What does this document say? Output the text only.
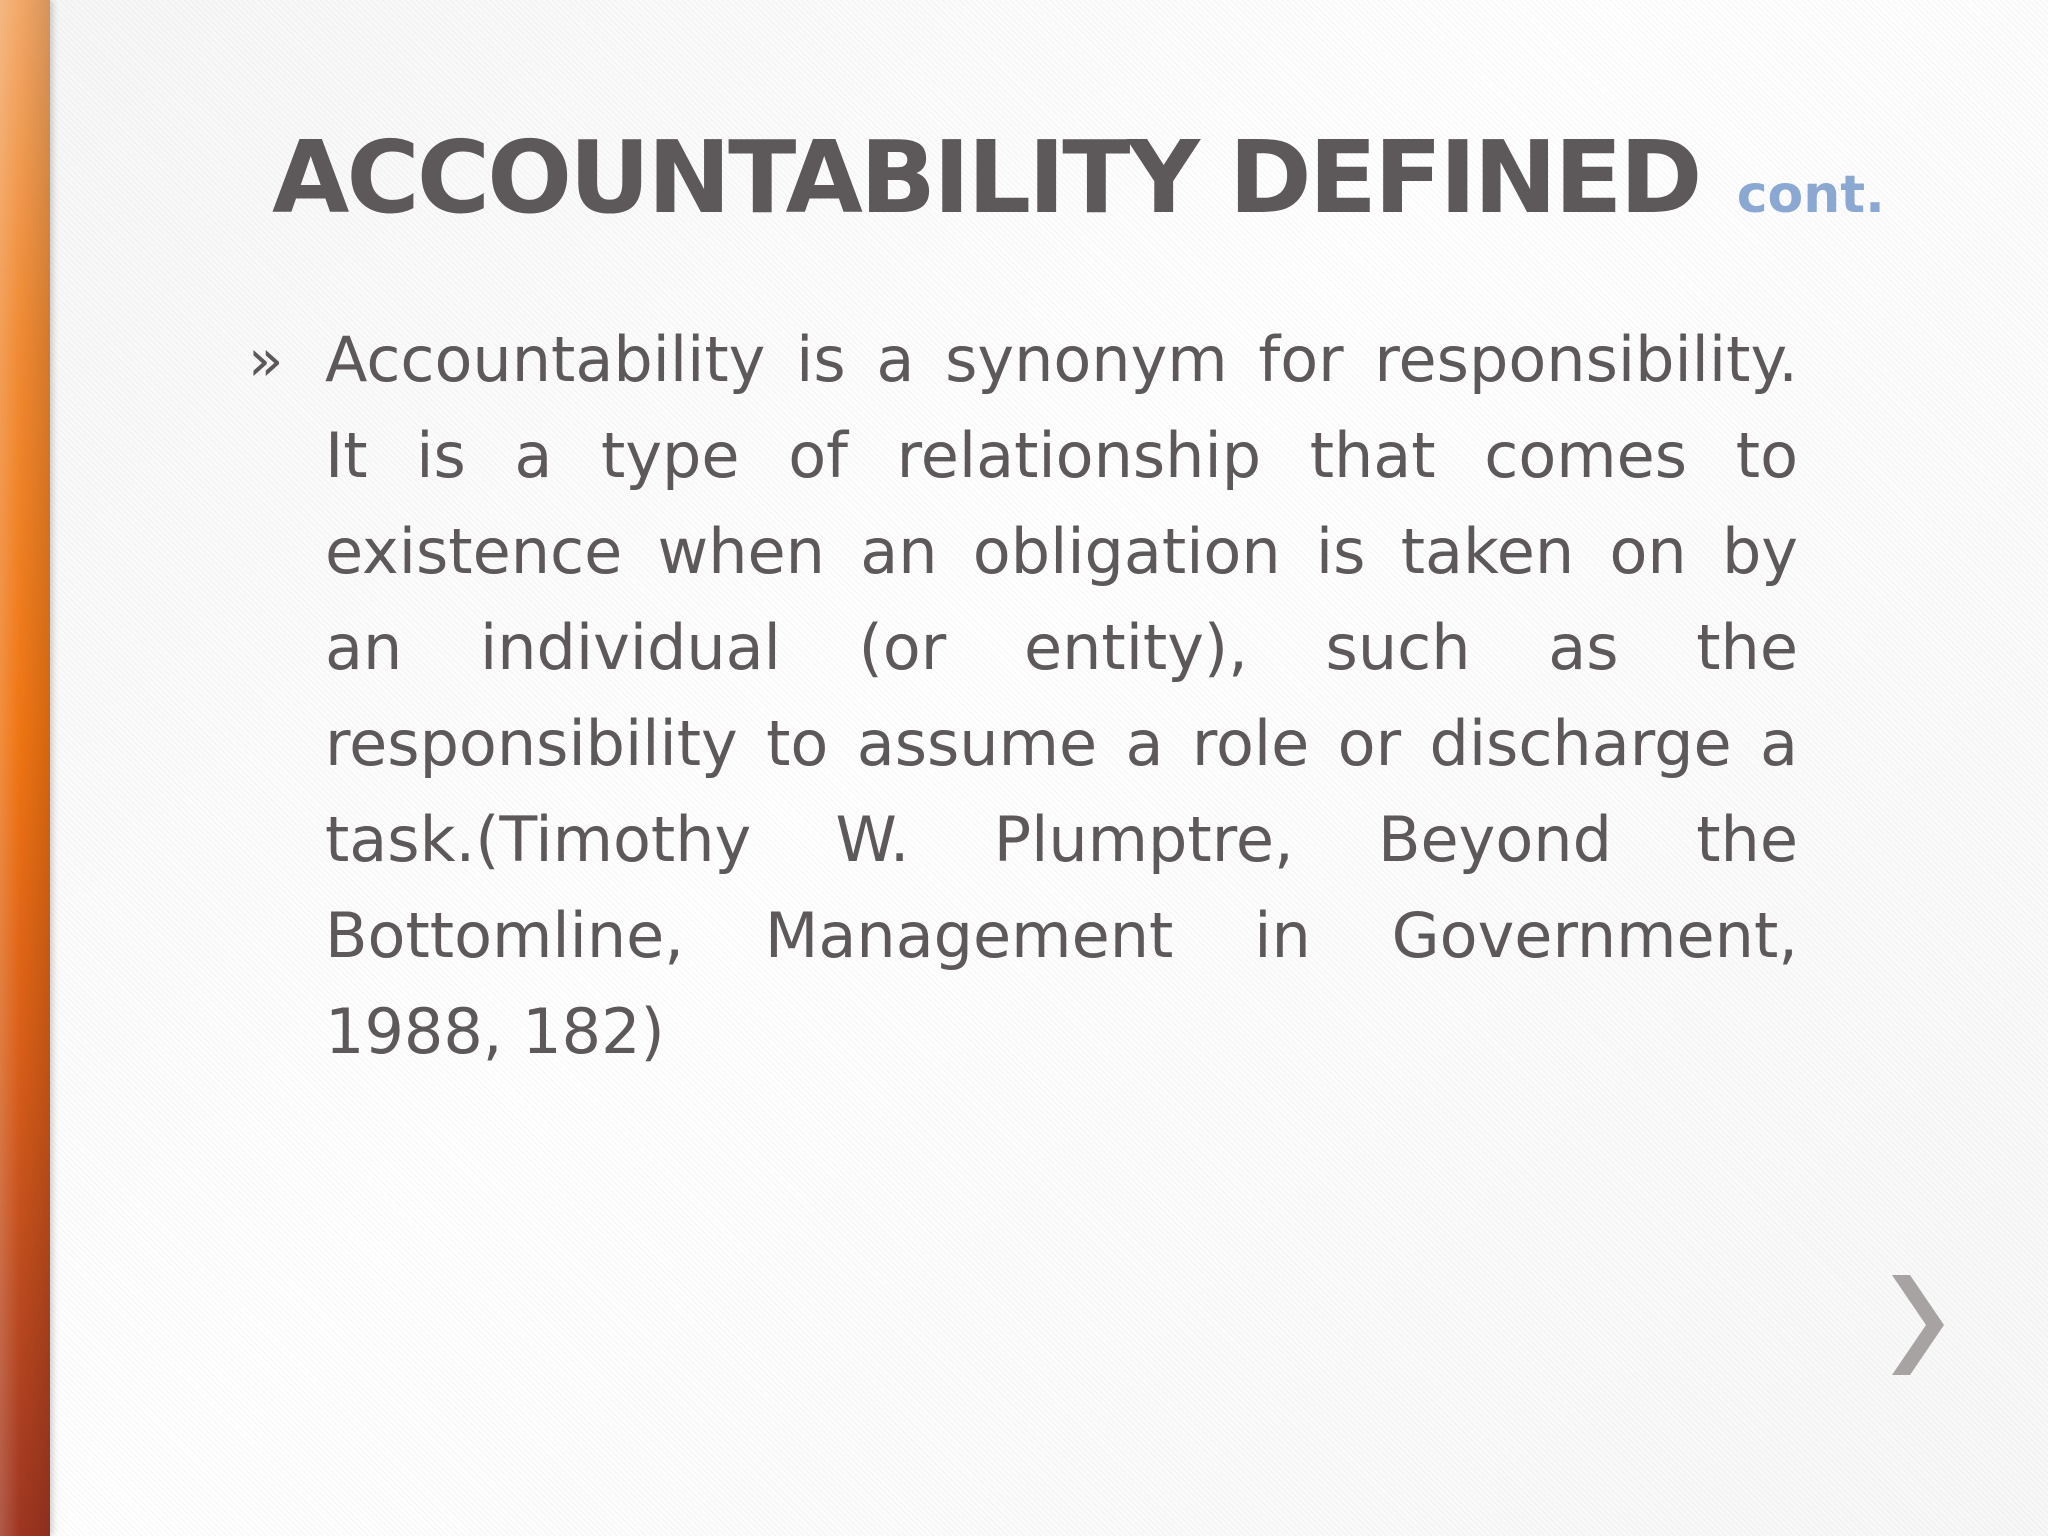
ACCOUNTABILITY DEFINED cont.
» Accountability is a synonym for responsibility.
It is a type of relationship that comes to
existence when an obligation is taken on by
an individual (or entity), such as the
responsibility to assume a role or discharge a
task.(Timothy W. Plumptre, Beyond the
Bottomline, Management in Government,
1988, 182)
